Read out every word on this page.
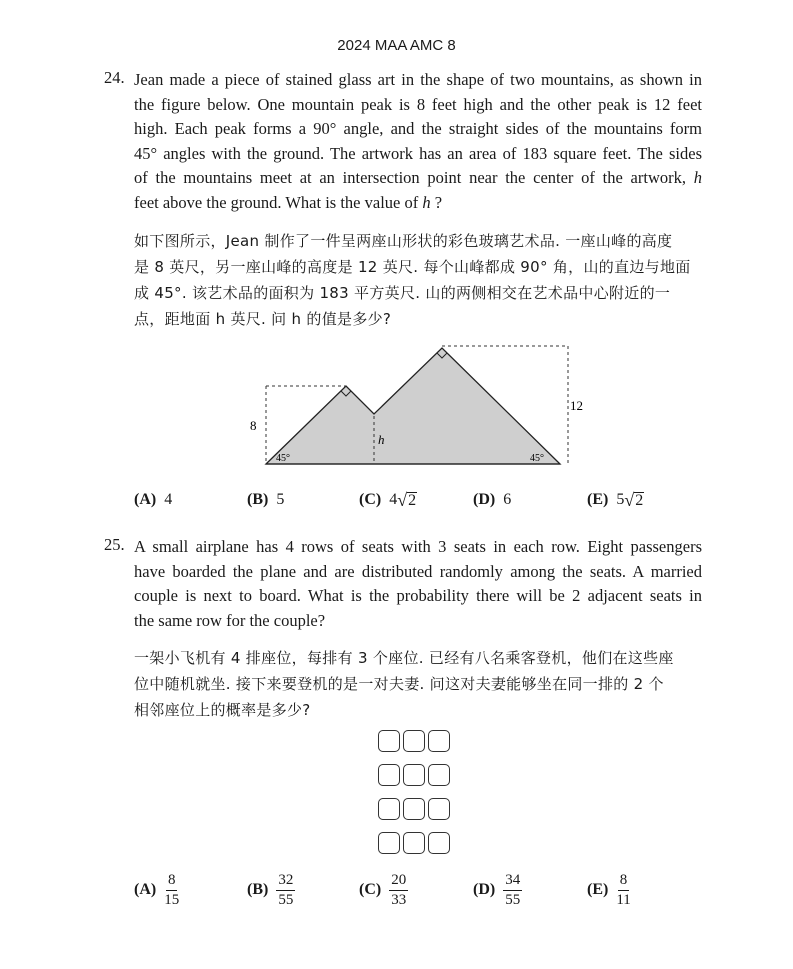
2024 MAA AMC 8
24. Jean made a piece of stained glass art in the shape of two mountains, as shown in
the figure below. One mountain peak is 8 feet high and the other peak is 12 feet
high. Each peak forms a 90° angle, and the straight sides of the mountains form
45° angles with the ground. The artwork has an area of 183 square feet. The sides
of the mountains meet at an intersection point near the center of the artwork, h
feet above the ground. What is the value of h ?
如下图所示，Jean 制作了一件呈两座山形状的彩色玻璃艺术品. 一座山峰的高度
是 8 英尺，另一座山峰的高度是 12 英尺. 每个山峰都成 90° 角，山的直边与地面
成 45°. 该艺术品的面积为 183 平方英尺. 山的两侧相交在艺术品中心附近的一
点，距地面 h 英尺. 问 h 的值是多少?
8
12
h
45°	45°
(A) 4	(B) 5	(C) 4 √ 2	(D) 6	(E) 5 √ 2
25. A small airplane has 4 rows of seats with 3 seats in each row. Eight passengers
have boarded the plane and are distributed randomly among the seats. A married
couple is next to board. What is the probability there will be 2 adjacent seats in
the same row for the couple?
一架小飞机有 4 排座位，每排有 3 个座位. 已经有八名乘客登机，他们在这些座
位中随机就坐. 接下来要登机的是一对夫妻. 问这对夫妻能够坐在同一排的 2 个
相邻座位上的概率是多少?
$(A) \frac{8}{15}$	$(B) \frac{32}{55}$	$(C) \frac{20}{33}$	$(D) \frac{34}{55}$	$(E) \frac{8}{11}$
